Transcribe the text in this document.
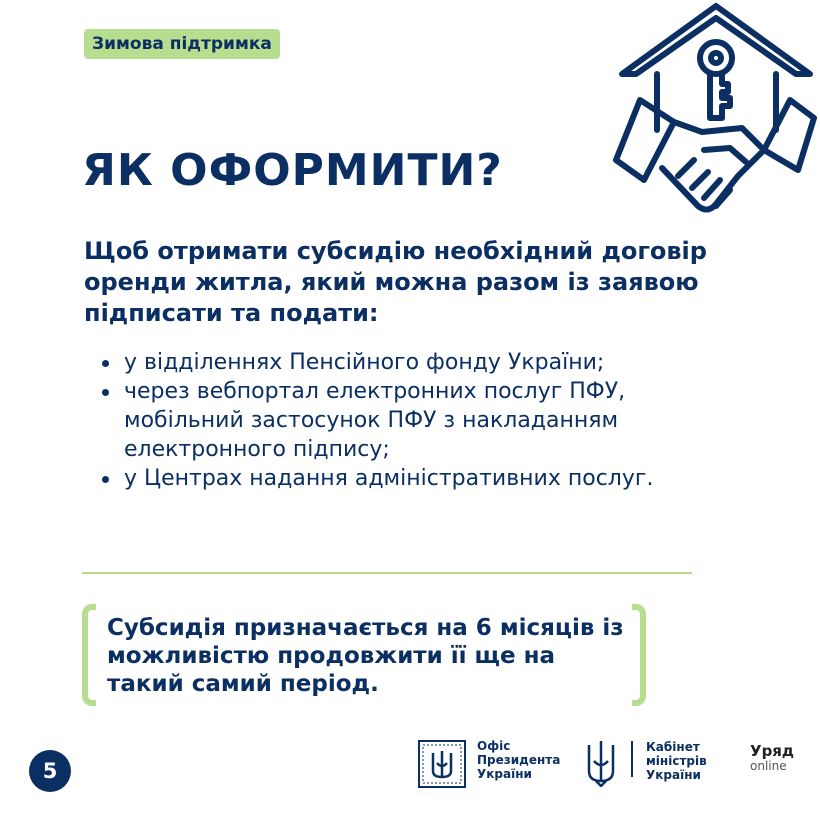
Зимова підтримка
ЯК ОФОРМИТИ?

Щоб отримати субсидію необхідний договір оренди житла, який можна разом із заявою підписати та подати:

у відділеннях Пенсійного фонду України;
через вебпортал електронних послуг ПФУ, мобільний застосунок ПФУ з накладанням електронного підпису;
у Центрах надання адміністративних послуг.

Субсидія призначається на 6 місяців із можливістю продовжити її ще на такий самий період.

5
Офіс
Президента
України
Кабінет
міністрів
України
Уряд
online
